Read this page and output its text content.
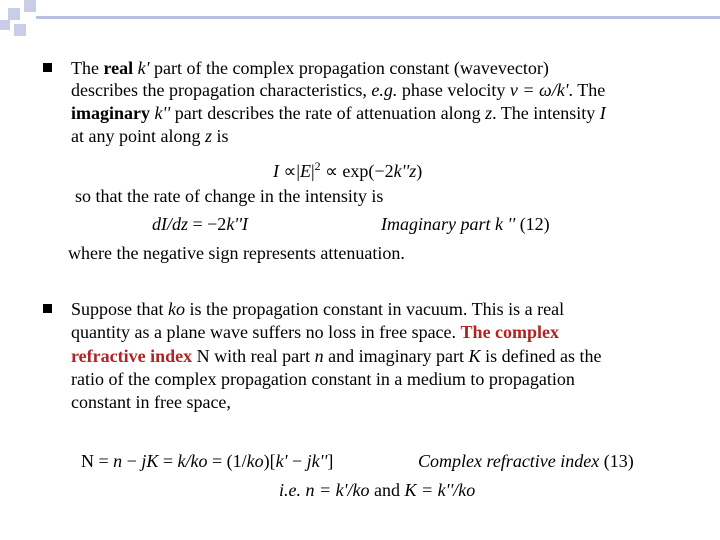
The real k' part of the complex propagation constant (wavevector)
describes the propagation characteristics, e.g. phase velocity v = ω/k'. The
imaginary k'' part describes the rate of attenuation along z. The intensity I
at any point along z is
$I \propto|E|^2 \propto \exp(-2k''z)$
so that the rate of change in the intensity is
dI/dz = −2k''I	Imaginary part k '' (12)
where the negative sign represents attenuation.
Suppose that ko is the propagation constant in vacuum. This is a real
quantity as a plane wave suffers no loss in free space. The complex
refractive index N with real part n and imaginary part K is defined as the
ratio of the complex propagation constant in a medium to propagation
constant in free space,
N = n − jK = k/ko = (1/ko)[k' − jk'']	Complex refractive index (13)
i.e. n = k'/ko and K = k''/ko
